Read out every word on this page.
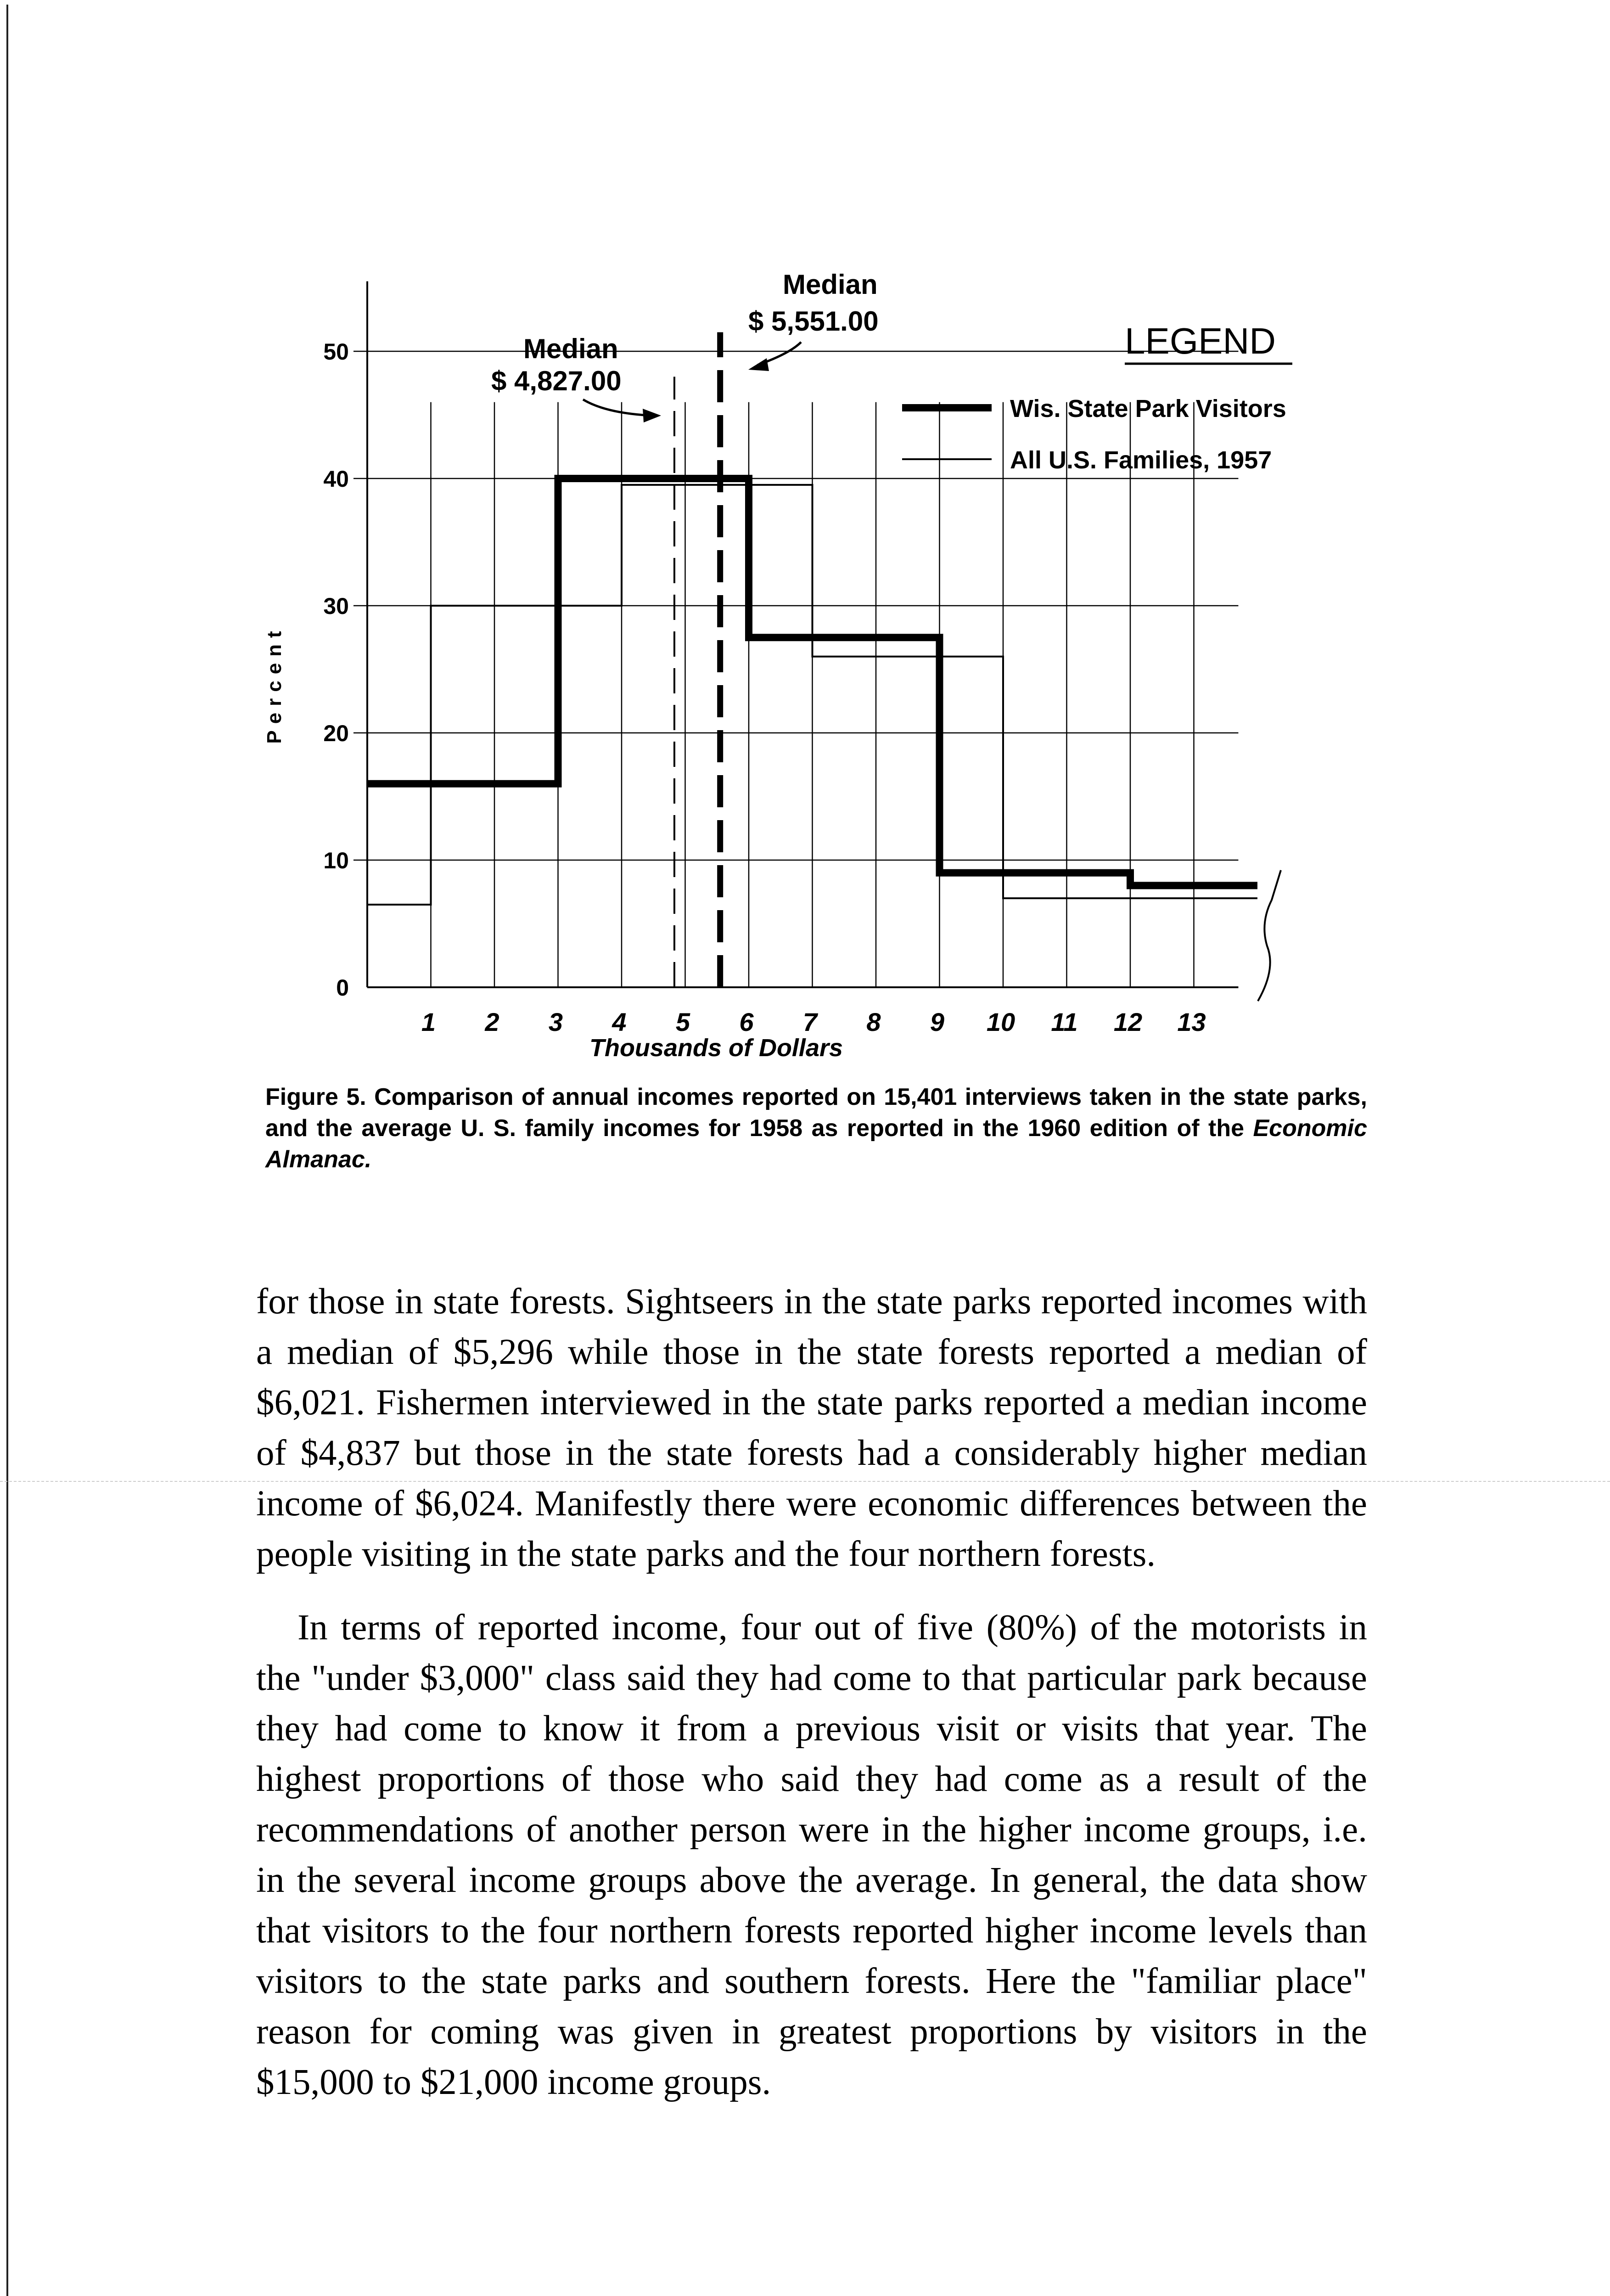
0
10
20
30
40
50
1 2 3 4 5 6 7 8 9 10 11 12 13
Percent
Thousands of Dollars
LEGEND
Wis. State Park Visitors
All U.S. Families, 1957
Median
$ 4,827.00
Median
$ 5,551.00
Figure 5. Comparison of annual incomes reported on 15,401 interviews taken in the state parks, and the average U. S. family incomes for 1958 as reported in the 1960 edition of the Economic Almanac.

for those in state forests. Sightseers in the state parks reported incomes with a median of $5,296 while those in the state forests reported a median of $6,021. Fishermen interviewed in the state parks reported a median income of $4,837 but those in the state forests had a considerably higher median income of $6,024. Manifestly there were economic differences between the people visiting in the state parks and the four northern forests.

In terms of reported income, four out of five (80%) of the motorists in the "under $3,000" class said they had come to that particular park because they had come to know it from a previous visit or visits that year. The highest proportions of those who said they had come as a result of the recommendations of another person were in the higher income groups, i.e. in the several income groups above the average. In general, the data show that visitors to the four northern forests reported higher income levels than visitors to the state parks and southern forests. Here the "familiar place" reason for coming was given in greatest proportions by visitors in the $15,000 to $21,000 income groups.
